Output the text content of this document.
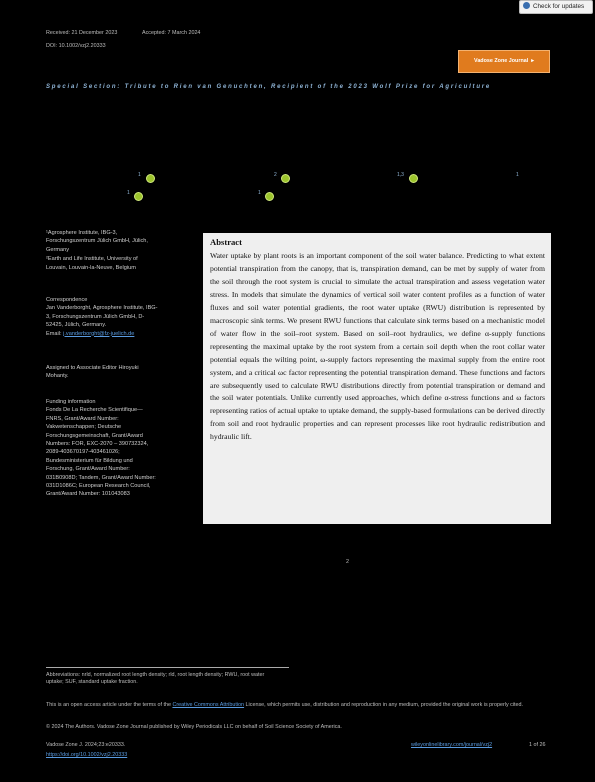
Check for updates
Received: 21 December 2023	Accepted: 7 March 2024
DOI: 10.1002/vzj2.20333
Vadose Zone Journal ▸
Special Section: Tribute to Rien van Genuchten, Recipient of the 2023 Wolf Prize for Agriculture
1	2	1,3	1
1	1
¹Agrosphere Institute, IBG-3, Forschungszentrum Jülich GmbH, Jülich, Germany
²Earth and Life Institute, University of Louvain, Louvain-la-Neuve, Belgium
Correspondence
Jan Vanderborght, Agrosphere Institute, IBG-3, Forschungszentrum Jülich GmbH, D-52425, Jülich, Germany.
Email: j.vanderborght@fz-juelich.de
Assigned to Associate Editor Hiroyuki Mohanty.
Funding information
Fonds De La Recherche Scientifique—FNRS, Grant/Award Number: Vakwetenschappen; Deutsche Forschungsgemeinschaft, Grant/Award Numbers: FOR, EXC-2070 – 390732324, 2089-403670197-403461026; Bundesministerium für Bildung und Forschung, Grant/Award Number: 031B0908D; Tandem, Grant/Award Number: 031D1086C; European Research Council, Grant/Award Number: 101043083
Abstract
Water uptake by plant roots is an important component of the soil water balance. Predicting to what extent potential transpiration from the canopy, that is, transpiration demand, can be met by supply of water from the soil through the root system is crucial to simulate the actual transpiration and assess vegetation water stress. In models that simulate the dynamics of vertical soil water content profiles as a function of water fluxes and soil water potential gradients, the root water uptake (RWU) distribution is represented by macroscopic sink terms. We present RWU functions that calculate sink terms based on a mechanistic model of water flow in the soil–root system. Based on soil–root hydraulics, we define α-supply functions representing the maximal uptake by the root system from a certain soil depth when the root collar water potential equals the wilting point, ω-supply factors representing the maximal supply from the entire root system, and a critical ωc factor representing the potential transpiration demand. These functions and factors are subsequently used to calculate RWU distributions directly from potential transpiration or demand and the soil water potentials. Unlike currently used approaches, which define α-stress functions and ω factors representing ratios of actual uptake to uptake demand, the supply-based formulations can be derived directly from soil and root hydraulic properties and can represent processes like root hydraulic redistribution and hydraulic lift.
2
Abbreviations: nrld, normalized root length density; rld, root length density; RWU, root water uptake; SUF, standard uptake fraction.
This is an open access article under the terms of the Creative Commons Attribution License, which permits use, distribution and reproduction in any medium, provided the original work is properly cited.
© 2024 The Authors. Vadose Zone Journal published by Wiley Periodicals LLC on behalf of Soil Science Society of America.
Vadose Zone J. 2024;23:e20333.
https://doi.org/10.1002/vzj2.20333
wileyonlinelibrary.com/journal/vzj2	1 of 26
